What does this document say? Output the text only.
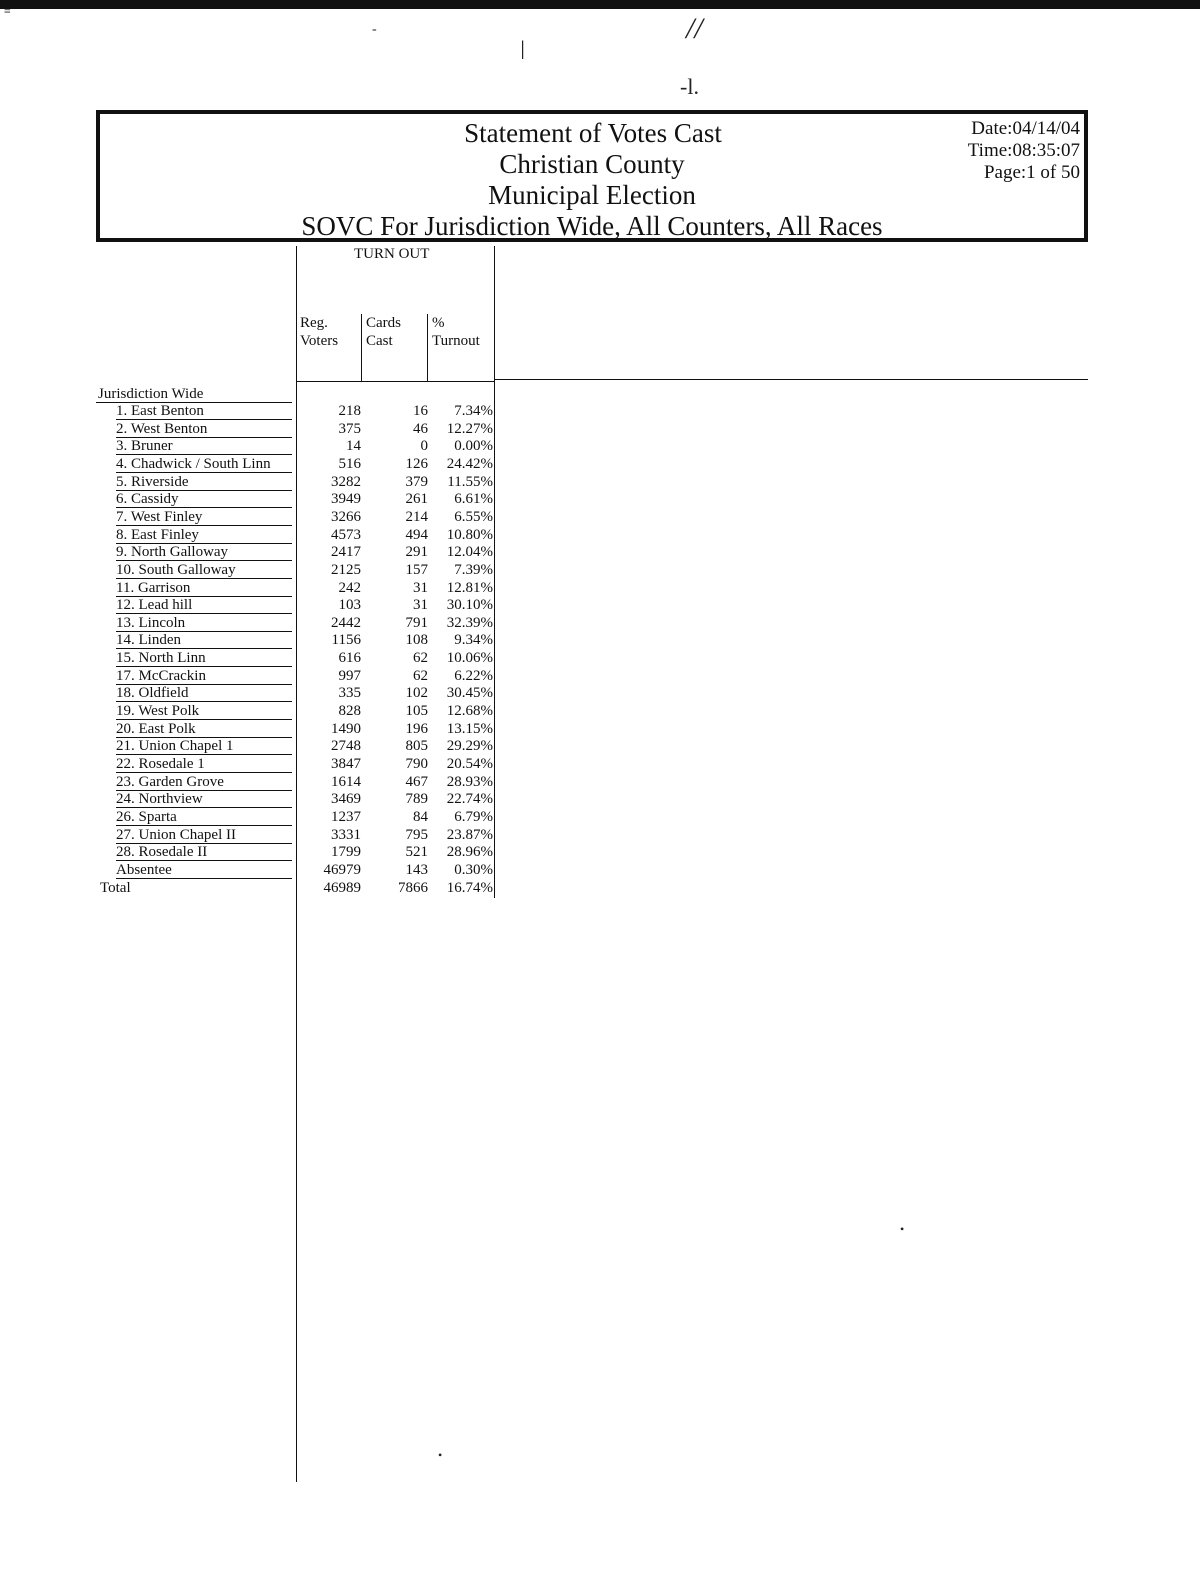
≡
-
ǀ
//
-l.
Statement of Votes Cast
Christian County
Municipal Election
SOVC For Jurisdiction Wide, All Counters, All Races
Date:04/14/04
Time:08:35:07
Page:1 of 50
TURN OUT
Reg.
Voters
Cards
Cast
%
Turnout
Jurisdiction Wide
1. East Benton	218	16	7.34%
2. West Benton	375	46	12.27%
3. Bruner	14	0	0.00%
4. Chadwick / South Linn	516	126	24.42%
5. Riverside	3282	379	11.55%
6. Cassidy	3949	261	6.61%
7. West Finley	3266	214	6.55%
8. East Finley	4573	494	10.80%
9. North Galloway	2417	291	12.04%
10. South Galloway	2125	157	7.39%
11. Garrison	242	31	12.81%
12. Lead hill	103	31	30.10%
13. Lincoln	2442	791	32.39%
14. Linden	1156	108	9.34%
15. North Linn	616	62	10.06%
17. McCrackin	997	62	6.22%
18. Oldfield	335	102	30.45%
19. West Polk	828	105	12.68%
20. East Polk	1490	196	13.15%
21. Union Chapel 1	2748	805	29.29%
22. Rosedale 1	3847	790	20.54%
23. Garden Grove	1614	467	28.93%
24. Northview	3469	789	22.74%
26. Sparta	1237	84	6.79%
27. Union Chapel II	3331	795	23.87%
28. Rosedale II	1799	521	28.96%
Absentee	46979	143	0.30%
Total	46989	7866	16.74%
•
•
